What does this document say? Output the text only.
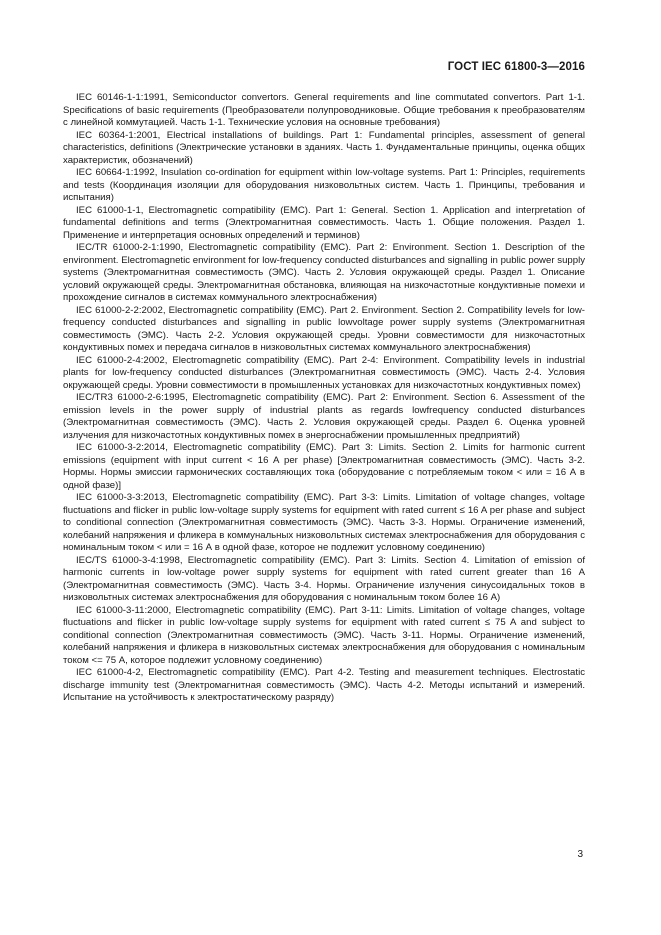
ГОСТ IEC 61800-3—2016

IEC 60146-1-1:1991, Semiconductor convertors. General requirements and line commutated convertors. Part 1-1. Specifications of basic requirements (Преобразователи полупроводниковые. Общие требования к преобразователям с линейной коммутацией. Часть 1-1. Технические условия на основные требования)

IEC 60364-1:2001, Electrical installations of buildings. Part 1: Fundamental principles, assessment of general characteristics, definitions (Электрические установки в зданиях. Часть 1. Фундаментальные принципы, оценка общих характеристик, обозначений)

IEC 60664-1:1992, Insulation co-ordination for equipment within low-voltage systems. Part 1: Principles, requirements and tests (Координация изоляции для оборудования низковольтных систем. Часть 1. Принципы, требования и испытания)

IEC 61000-1-1, Electromagnetic compatibility (EMC). Part 1: General. Section 1. Application and interpretation of fundamental definitions and terms (Электромагнитная совместимость. Часть 1. Общие положения. Раздел 1. Применение и интерпретация основных определений и терминов)

IEC/TR 61000-2-1:1990, Electromagnetic compatibility (EMC). Part 2: Environment. Section 1. Description of the environment. Electromagnetic environment for low-frequency conducted disturbances and signalling in public power supply systems (Электромагнитная совместимость (ЭМС). Часть 2. Условия окружающей среды. Раздел 1. Описание условий окружающей среды. Электромагнитная обстановка, влияющая на низкочастотные кондуктивные помехи и прохождение сигналов в системах коммунального электроснабжения)

IEC 61000-2-2:2002, Electromagnetic compatibility (EMC). Part 2. Environment. Section 2. Compatibility levels for low-frequency conducted disturbances and signalling in public lowvoltage power supply systems (Электромагнитная совместимость (ЭМС). Часть 2-2. Условия окружающей среды. Уровни совместимости для низкочастотных кондуктивных помех и передача сигналов в низковольтных системах коммунального электроснабжения)

IEC 61000-2-4:2002, Electromagnetic compatibility (EMC). Part 2-4: Environment. Compatibility levels in industrial plants for low-frequency conducted disturbances (Электромагнитная совместимость (ЭМС). Часть 2-4. Условия окружающей среды. Уровни совместимости в промышленных установках для низкочастотных кондуктивных помех)

IEC/TR3 61000-2-6:1995, Electromagnetic compatibility (EMC). Part 2: Environment. Section 6. Assessment of the emission levels in the power supply of industrial plants as regards lowfrequency conducted disturbances (Электромагнитная совместимость (ЭМС). Часть 2. Условия окружающей среды. Раздел 6. Оценка уровней излучения для низкочастотных кондуктивных помех в энергоснабжении промышленных предприятий)

IEC 61000-3-2:2014, Electromagnetic compatibility (EMC). Part 3: Limits. Section 2. Limits for harmonic current emissions (equipment with input current < 16 A per phase) [Электромагнитная совместимость (ЭМС). Часть 3-2. Нормы. Нормы эмиссии гармонических составляющих тока (оборудование с потребляемым током < или = 16 А в одной фазе)]

IEC 61000-3-3:2013, Electromagnetic compatibility (EMC). Part 3-3: Limits. Limitation of voltage changes, voltage fluctuations and flicker in public low-voltage supply systems for equipment with rated current ≤ 16 A per phase and subject to conditional connection (Электромагнитная совместимость (ЭМС). Часть 3-3. Нормы. Ограничение изменений, колебаний напряжения и фликера в коммунальных низковольтных системах электроснабжения для оборудования с номинальным током < или = 16 А в одной фазе, которое не подлежит условному соединению)

IEC/TS 61000-3-4:1998, Electromagnetic compatibility (EMC). Part 3: Limits. Section 4. Limitation of emission of harmonic currents in low-voltage power supply systems for equipment with rated current greater than 16 A (Электромагнитная совместимость (ЭМС). Часть 3-4. Нормы. Ограничение излучения синусоидальных токов в низковольтных системах электроснабжения для оборудования с номинальным током более 16 А)

IEC 61000-3-11:2000, Electromagnetic compatibility (EMC). Part 3-11: Limits. Limitation of voltage changes, voltage fluctuations and flicker in public low-voltage supply systems for equipment with rated current ≤ 75 A and subject to conditional connection (Электромагнитная совместимость (ЭМС). Часть 3-11. Нормы. Ограничение изменений, колебаний напряжения и фликера в низковольтных системах электроснабжения для оборудования с номинальным током <= 75 А, которое подлежит условному соединению)

IEC 61000-4-2, Electromagnetic compatibility (EMC). Part 4-2. Testing and measurement techniques. Electrostatic discharge immunity test (Электромагнитная совместимость (ЭМС). Часть 4-2. Методы испытаний и измерений. Испытание на устойчивость к электростатическому разряду)

3
